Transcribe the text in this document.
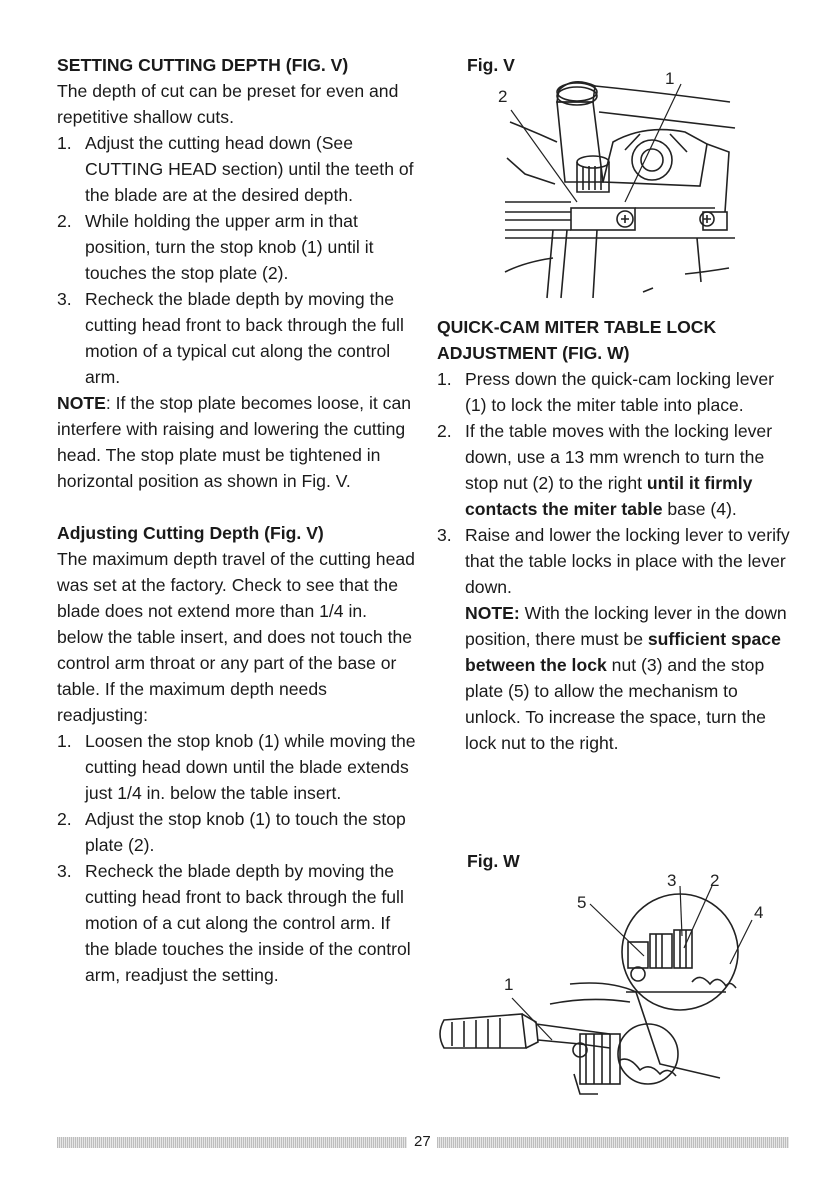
SETTING CUTTING DEPTH (FIG. V)

The depth of cut can be preset for even and repetitive shallow cuts.

1. Adjust the cutting head down (See CUTTING HEAD section) until the teeth of the blade are at the desired depth.
2. While holding the upper arm in that position, turn the stop knob (1) until it touches the stop plate (2).
3. Recheck the blade depth by moving the cutting head front to back through the full motion of a typical cut along the control arm.

NOTE: If the stop plate becomes loose, it can interfere with raising and lowering the cutting head. The stop plate must be tightened in horizontal position as shown in Fig. V.

Adjusting Cutting Depth (Fig. V)

The maximum depth travel of the cutting head was set at the factory. Check to see that the blade does not extend more than 1/4 in. below the table insert, and does not touch the control arm throat or any part of the base or table. If the maximum depth needs readjusting:

1. Loosen the stop knob (1) while moving the cutting head down until the blade extends just 1/4 in. below the table insert.
2. Adjust the stop knob (1) to touch the stop plate (2).
3. Recheck the blade depth by moving the cutting head front to back through the full motion of a cut along the control arm. If the blade touches the inside of the control arm, readjust the setting.
Fig. V
2
1
QUICK-CAM MITER TABLE LOCK ADJUSTMENT (FIG. W)
1. Press down the quick-cam locking lever (1) to lock the miter table into place.
2. If the table moves with the locking lever down, use a 13 mm wrench to turn the stop nut (2) to the right until it firmly contacts the miter table base (4).
3. Raise and lower the locking lever to verify that the table locks in place with the lever down.
NOTE: With the locking lever in the down position, there must be sufficient space between the lock nut (3) and the stop plate (5) to allow the mechanism to unlock. To increase the space, turn the lock nut to the right.
Fig. W
3 2
5
4
1
27
